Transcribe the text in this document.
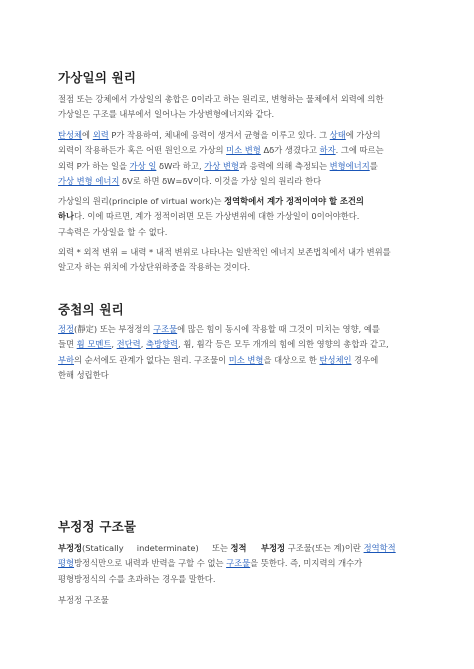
가상일의 원리

절점 또는 강체에서 가상일의 총합은 0이라고 하는 원리로, 변형하는 물체에서 외력에 의한
가상일은 구조를 내부에서 일어나는 가상변형에너지와 같다.

탄성체에 외력 P가 작용하여, 체내에 응력이 생겨서 균형을 이루고 있다. 그 상태에 가상의
외력이 작용하든가 혹은 어떤 원인으로 가상의 미소 변형 Δδ가 생겼다고 하자. 그에 따르는
외력 P가 하는 일을 가상 일 δW라 하고, 가상 변형과 응력에 의해 측정되는 변형에너지를
가상 변형 에너지 δV로 하면 δW=δV이다. 이것을 가상 일의 원리라 한다

가상일의 원리(principle of virtual work)는 정역학에서 계가 정적이여야 할 조건의
하나다. 이에 따르면, 계가 정적이려면 모든 가상변위에 대한 가상일이 0이어야한다.
구속력은 가상일을 할 수 없다.

외력 * 외적 변위 = 내력 * 내적 변위로 나타나는 일반적인 에너지 보존법칙에서 내가 변위를
알고자 하는 위치에 가상단위하중을 작용하는 것이다.

중첩의 원리

정정(靜定) 또는 부정정의 구조물에 많은 힘이 동시에 작용할 때 그것이 미치는 영향, 예를
들면 휨 모멘트, 전단력, 축방향력, 휨, 휨각 등은 모두 개개의 힘에 의한 영향의 총합과 같고,
부하의 순서에도 관계가 없다는 원리. 구조물이 미소 변형을 대상으로 한 탄성체인 경우에
한해 성립한다

부정정 구조물

부정정(Statically     indeterminate)     또는 정적     부정정 구조물(또는 계)이란 정역학적
평형방정식만으로 내력과 반력을 구할 수 없는 구조물을 뜻한다. 즉, 미지력의 개수가
평형방정식의 수를 초과하는 경우를 말한다.

부정정 구조물
